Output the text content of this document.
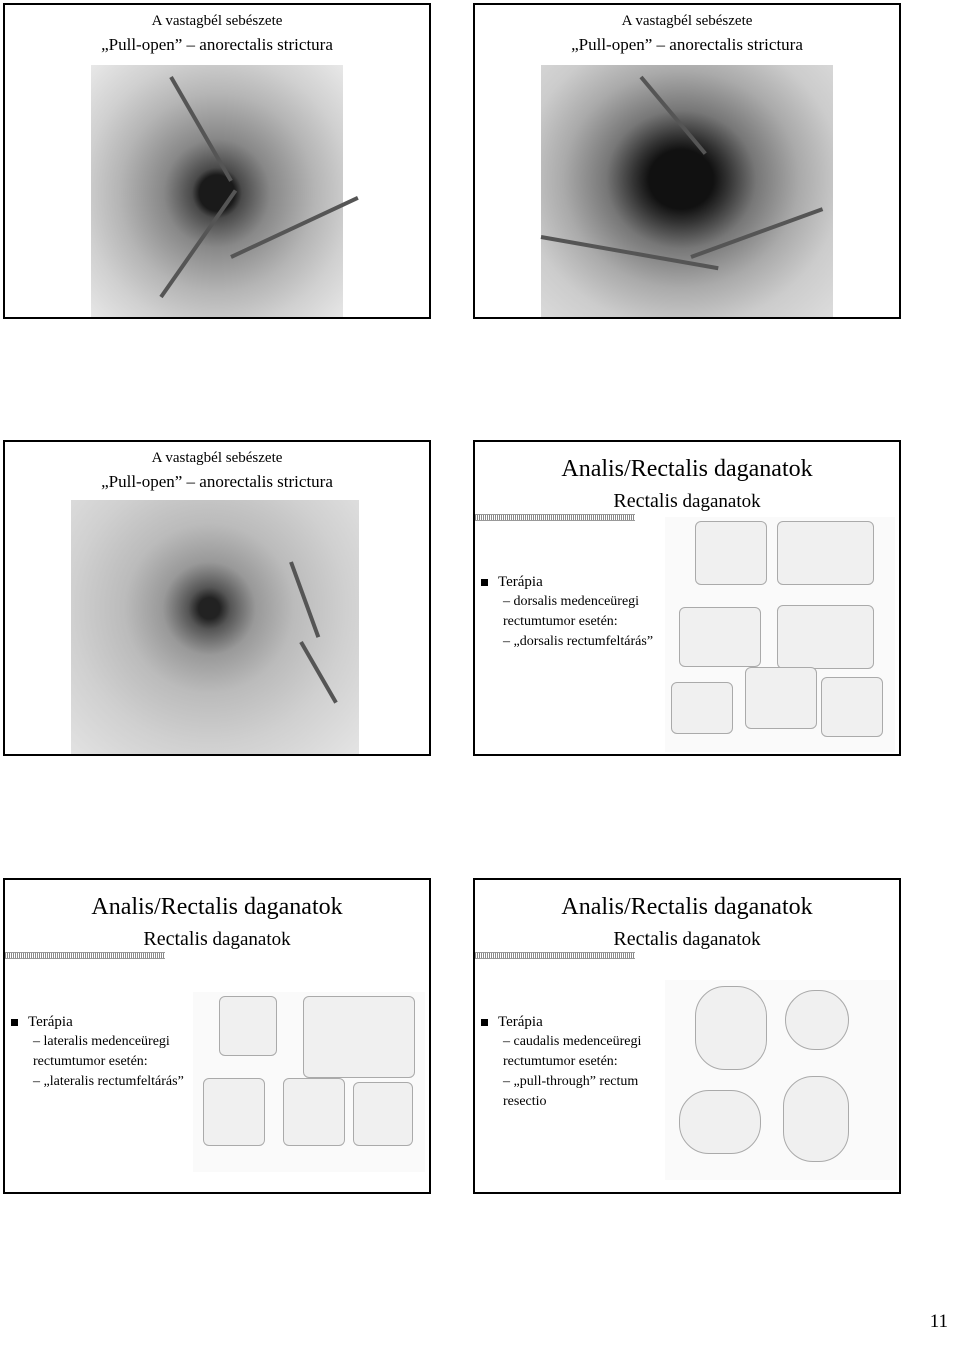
A vastagbél sebészete
„Pull-open” – anorectalis strictura
A vastagbél sebészete
„Pull-open” – anorectalis strictura
A vastagbél sebészete
„Pull-open” – anorectalis strictura	Analis/Rectalis daganatok
Rectalis daganatok
Terápia
– dorsalis medenceüregi rectumtumor esetén:
– „dorsalis rectumfeltárás”
Analis/Rectalis daganatok
Rectalis daganatok
Terápia
– lateralis medenceüregi rectumtumor esetén:
– „lateralis rectumfeltárás”
Analis/Rectalis daganatok
Rectalis daganatok
Terápia
– caudalis medenceüregi rectumtumor esetén:
– „pull-through” rectum resectio
11
